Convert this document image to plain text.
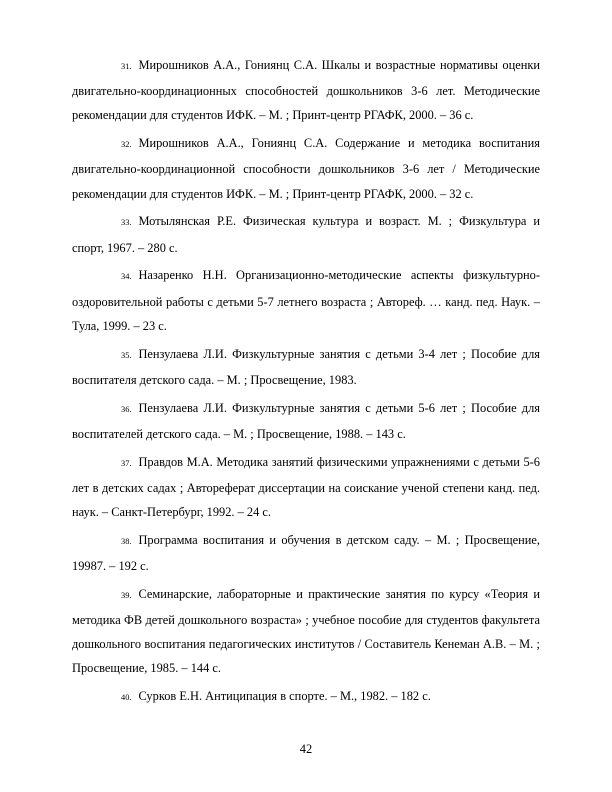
31. Мирошников А.А., Гониянц С.А. Шкалы и возрастные нормативы оценки двигательно-координационных способностей дошкольников 3-6 лет. Методические рекомендации для студентов ИФК. – М. ; Принт-центр РГАФК, 2000. – 36 с.
32. Мирошников А.А., Гониянц С.А. Содержание и методика воспитания двигательно-координационной способности дошкольников 3-6 лет / Методические рекомендации для студентов ИФК. – М. ; Принт-центр РГАФК, 2000. – 32 с.
33. Мотылянская Р.Е. Физическая культура и возраст. М. ; Физкультура и спорт, 1967. – 280 с.
34. Назаренко Н.Н. Организационно-методические аспекты физкультурно-оздоровительной работы с детьми 5-7 летнего возраста ; Автореф. … канд. пед. Наук. – Тула, 1999. – 23 с.
35. Пензулаева Л.И. Физкультурные занятия с детьми 3-4 лет ; Пособие для воспитателя детского сада. – М. ; Просвещение, 1983.
36. Пензулаева Л.И. Физкультурные занятия с детьми 5-6 лет ; Пособие для воспитателей детского сада. – М. ; Просвещение, 1988. – 143 с.
37. Правдов М.А. Методика занятий физическими упражнениями с детьми 5-6 лет в детских садах ; Автореферат диссертации на соискание ученой степени канд. пед. наук. – Санкт-Петербург, 1992. – 24 с.
38. Программа воспитания и обучения в детском саду. – М. ; Просвещение, 19987. – 192 с.
39. Семинарские, лабораторные и практические занятия по курсу «Теория и методика ФВ детей дошкольного возраста» ; учебное пособие для студентов факультета дошкольного воспитания педагогических институтов / Составитель Кенеман А.В. – М. ; Просвещение, 1985. – 144 с.
40. Сурков Е.Н. Антиципация в спорте. – М., 1982. – 182 с.
42
